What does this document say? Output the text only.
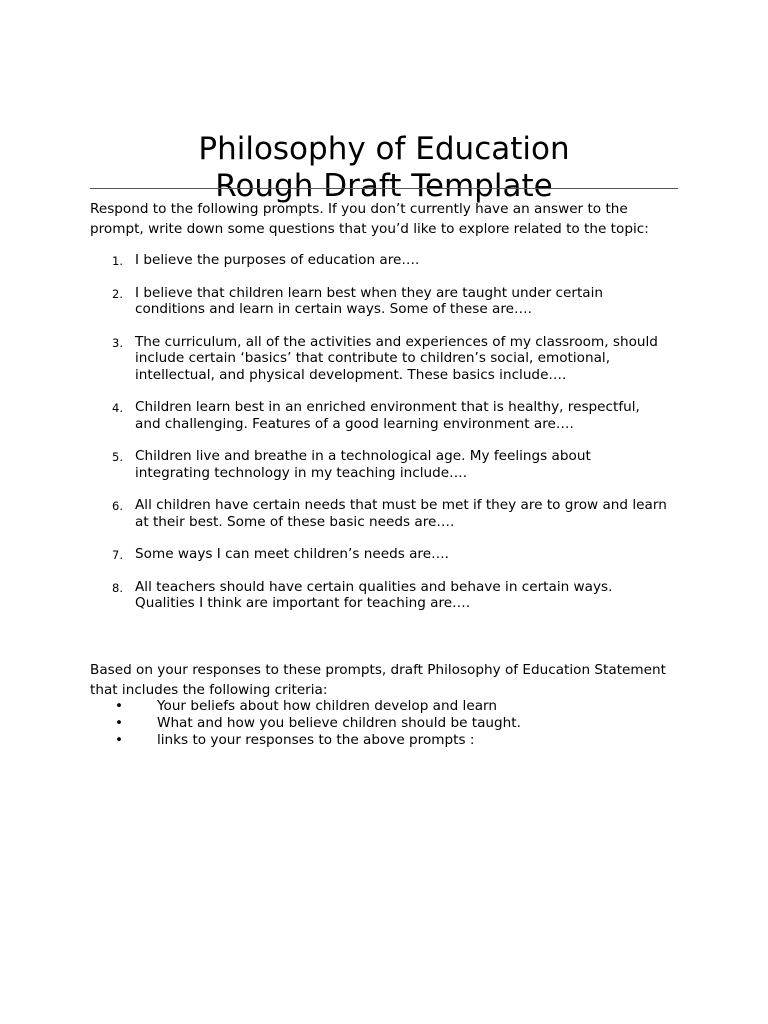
Philosophy of Education
Rough Draft Template
Respond to the following prompts. If you don’t currently have an answer to the
prompt, write down some questions that you’d like to explore related to the topic:
1. I believe the purposes of education are….
2. I believe that children learn best when they are taught under certain
conditions and learn in certain ways. Some of these are….
3. The curriculum, all of the activities and experiences of my classroom, should
include certain ‘basics’ that contribute to children’s social, emotional,
intellectual, and physical development. These basics include….
4. Children learn best in an enriched environment that is healthy, respectful,
and challenging. Features of a good learning environment are….
5. Children live and breathe in a technological age. My feelings about
integrating technology in my teaching include….
6. All children have certain needs that must be met if they are to grow and learn
at their best. Some of these basic needs are….
7. Some ways I can meet children’s needs are….
8. All teachers should have certain qualities and behave in certain ways.
Qualities I think are important for teaching are….
Based on your responses to these prompts, draft Philosophy of Education Statement
that includes the following criteria:
• Your beliefs about how children develop and learn
• What and how you believe children should be taught.
• links to your responses to the above prompts :
